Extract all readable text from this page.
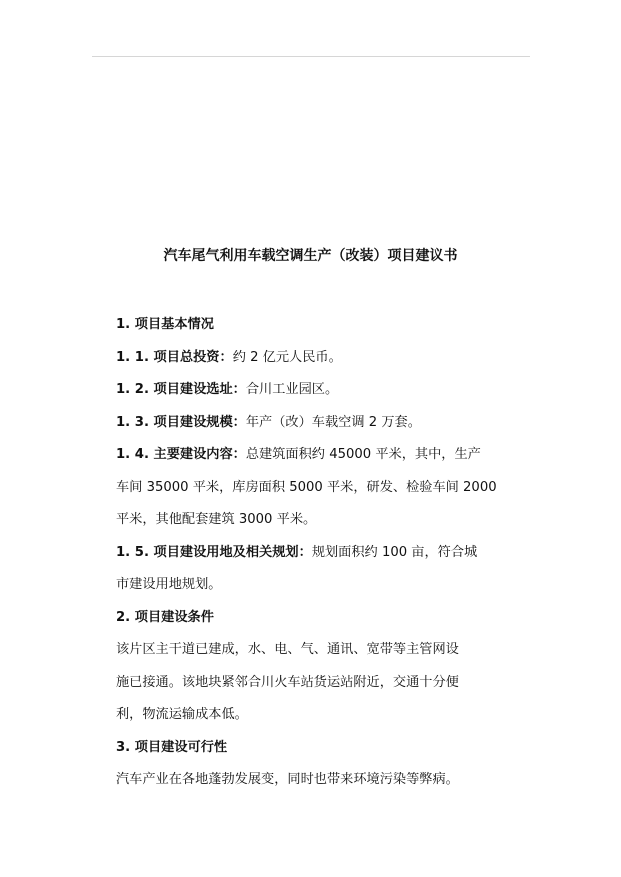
汽车尾气利用车载空调生产（改装）项目建议书
1. 项目基本情况
1. 1. 项目总投资：约 2 亿元人民币。
1. 2. 项目建设选址：合川工业园区。
1. 3. 项目建设规模：年产（改）车载空调 2 万套。
1. 4. 主要建设内容：总建筑面积约 45000 平米，其中，生产
车间 35000 平米，库房面积 5000 平米，研发、检验车间 2000
平米，其他配套建筑 3000 平米。
1. 5. 项目建设用地及相关规划：规划面积约 100 亩，符合城
市建设用地规划。
2. 项目建设条件
该片区主干道已建成，水、电、气、通讯、宽带等主管网设
施已接通。该地块紧邻合川火车站货运站附近，交通十分便
利，物流运输成本低。
3. 项目建设可行性
汽车产业在各地蓬勃发展变，同时也带来环境污染等弊病。
